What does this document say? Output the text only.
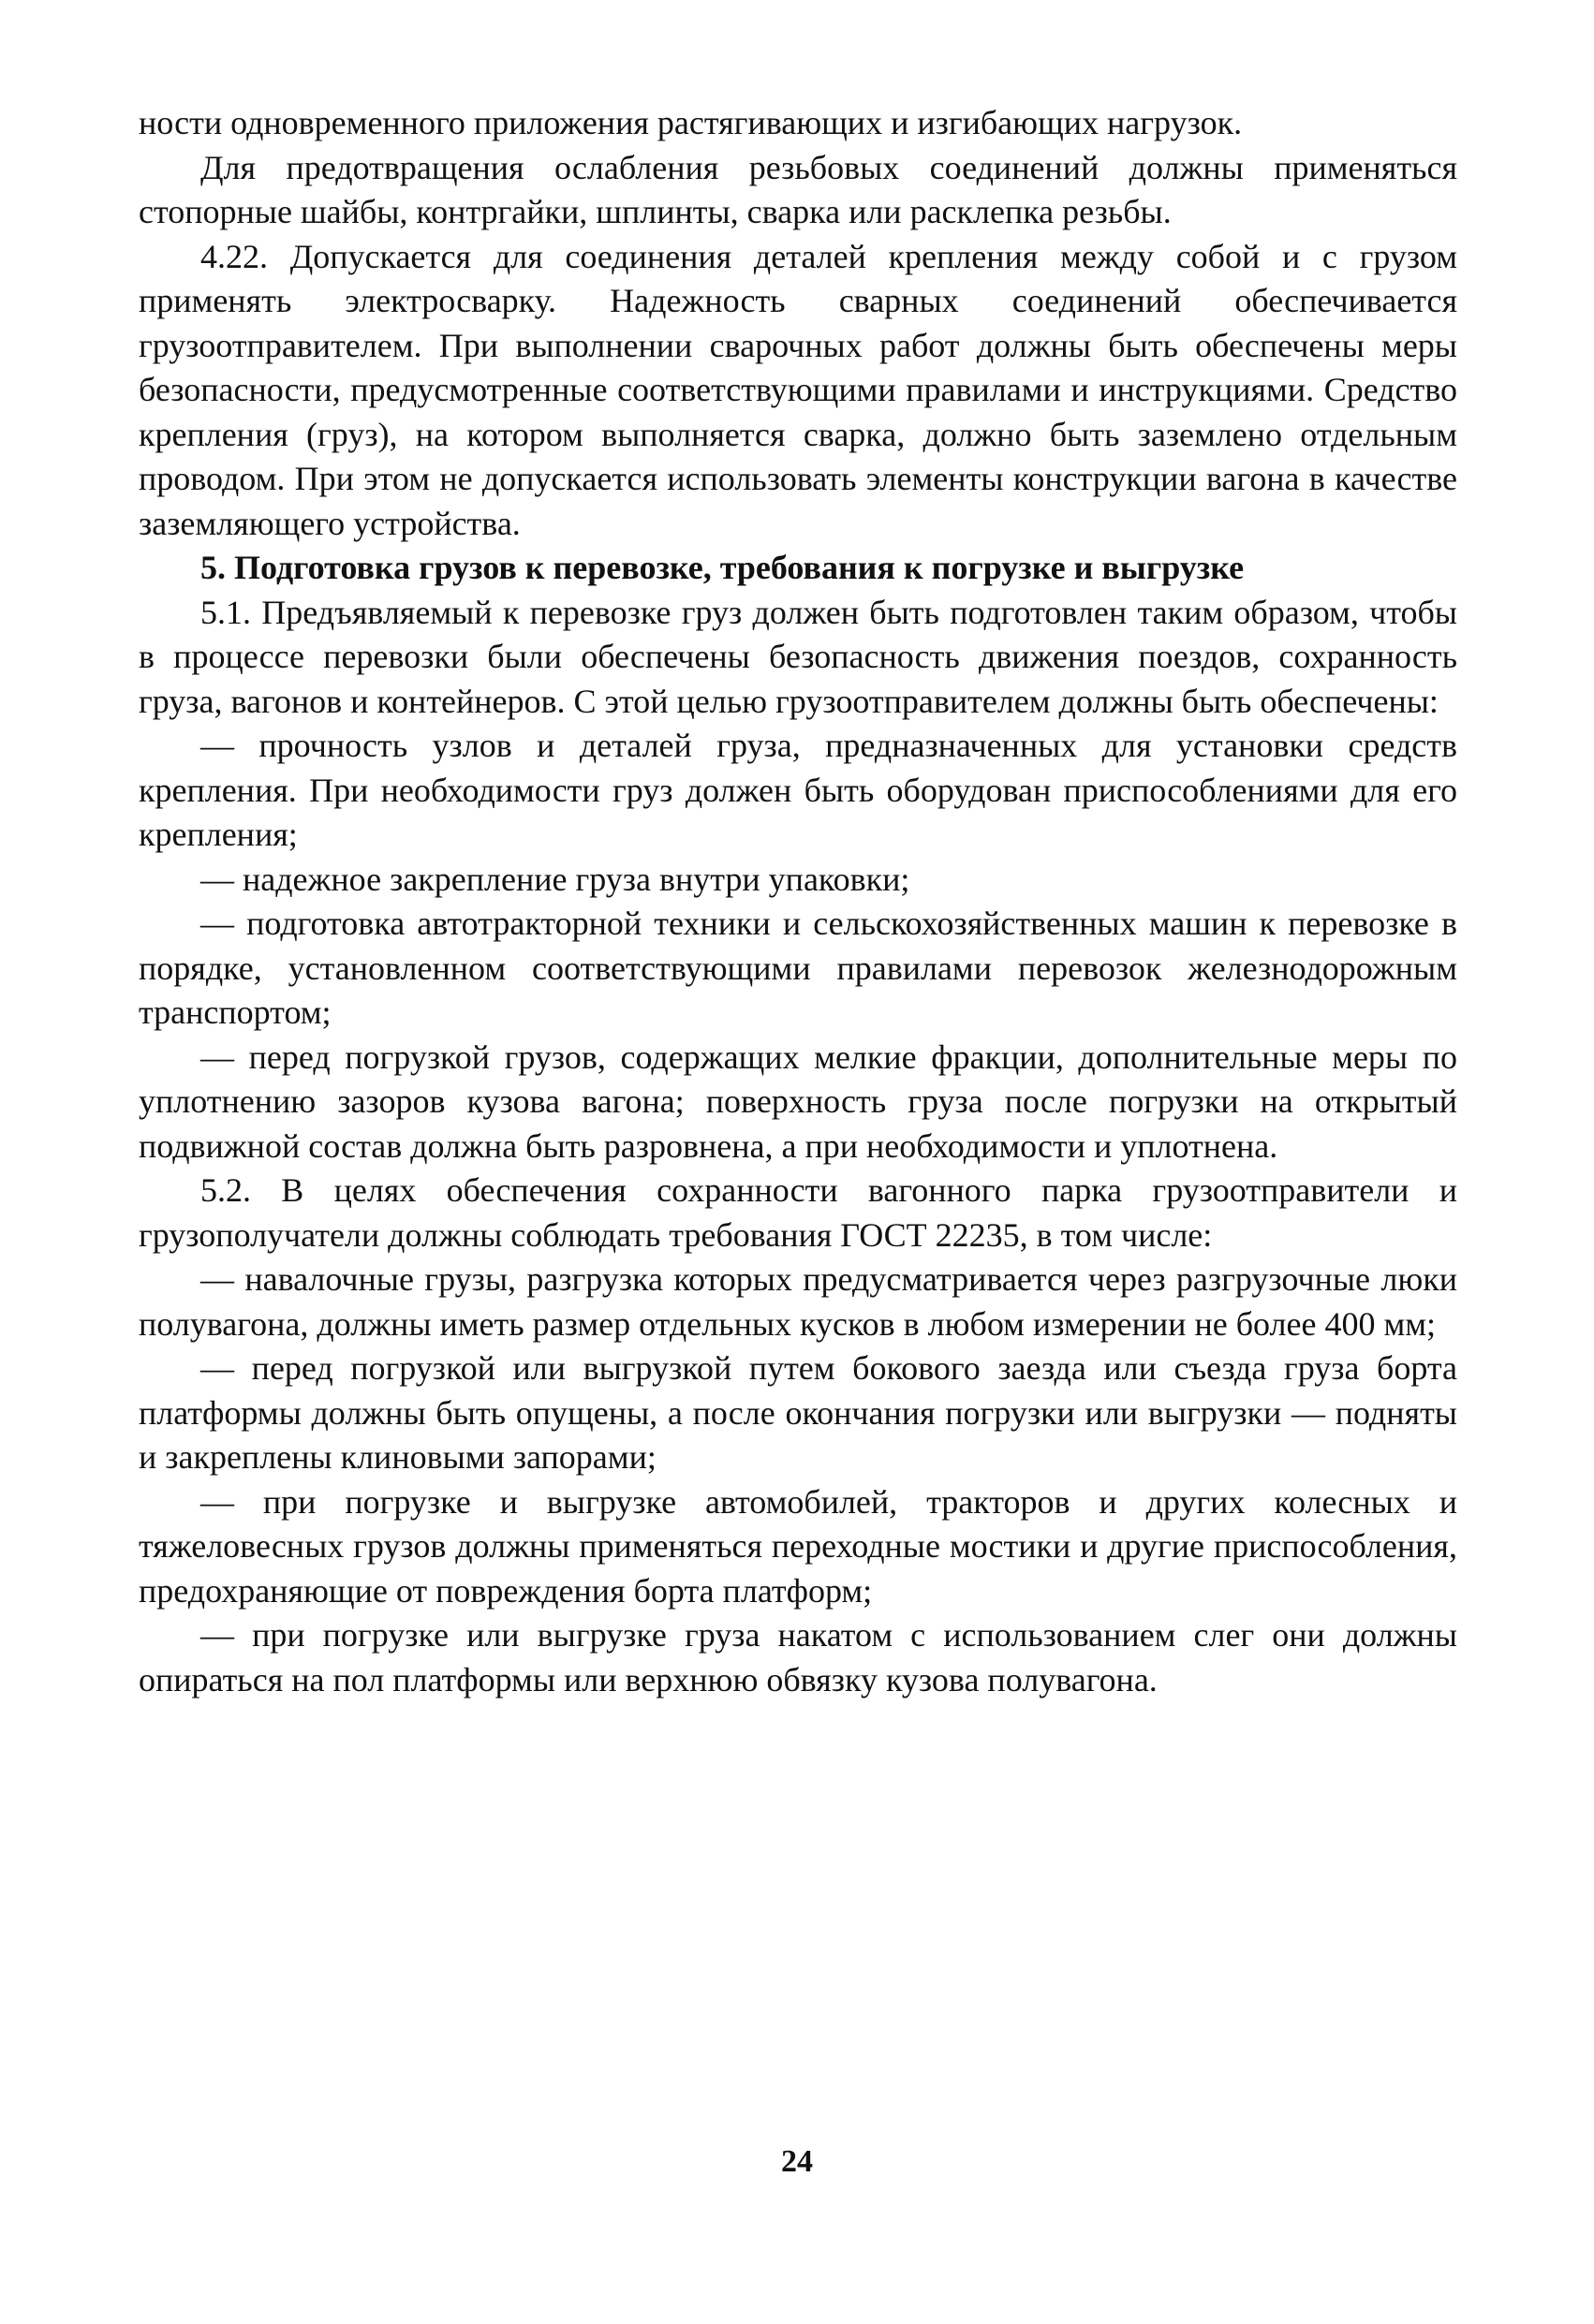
ности одновременного приложения растягивающих и изгибающих нагрузок.

Для предотвращения ослабления резьбовых соединений должны применяться стопорные шайбы, контргайки, шплинты, сварка или расклепка резьбы.

4.22. Допускается для соединения деталей крепления между собой и с грузом применять электросварку. Надежность сварных соединений обеспечивается грузоотправителем. При выполнении сварочных работ должны быть обеспечены меры безопасности, предусмотренные соответствующими правилами и инструкциями. Средство крепления (груз), на котором выполняется сварка, должно быть заземлено отдельным проводом. При этом не допускается использовать элементы конструкции вагона в качестве заземляющего устройства.

5. Подготовка грузов к перевозке, требования к погрузке и выгрузке

5.1. Предъявляемый к перевозке груз должен быть подготовлен таким образом, чтобы в процессе перевозки были обеспечены безопасность движения поездов, сохранность груза, вагонов и контейнеров. С этой целью грузоотправителем должны быть обеспечены:

— прочность узлов и деталей груза, предназначенных для установки средств крепления. При необходимости груз должен быть оборудован приспособлениями для его крепления;

— надежное закрепление груза внутри упаковки;

— подготовка автотракторной техники и сельскохозяйственных машин к перевозке в порядке, установленном соответствующими правилами перевозок железнодорожным транспортом;

— перед погрузкой грузов, содержащих мелкие фракции, дополнительные меры по уплотнению зазоров кузова вагона; поверхность груза после погрузки на открытый подвижной состав должна быть разровнена, а при необходимости и уплотнена.

5.2. В целях обеспечения сохранности вагонного парка грузоотправители и грузополучатели должны соблюдать требования ГОСТ 22235, в том числе:

— навалочные грузы, разгрузка которых предусматривается через разгрузочные люки полувагона, должны иметь размер отдельных кусков в любом измерении не более 400 мм;

— перед погрузкой или выгрузкой путем бокового заезда или съезда груза борта платформы должны быть опущены, а после окончания погрузки или выгрузки — подняты и закреплены клиновыми запорами;

— при погрузке и выгрузке автомобилей, тракторов и других колесных и тяжеловесных грузов должны применяться переходные мостики и другие приспособления, предохраняющие от повреждения борта платформ;

— при погрузке или выгрузке груза накатом с использованием слег они должны опираться на пол платформы или верхнюю обвязку кузова полувагона.

24
